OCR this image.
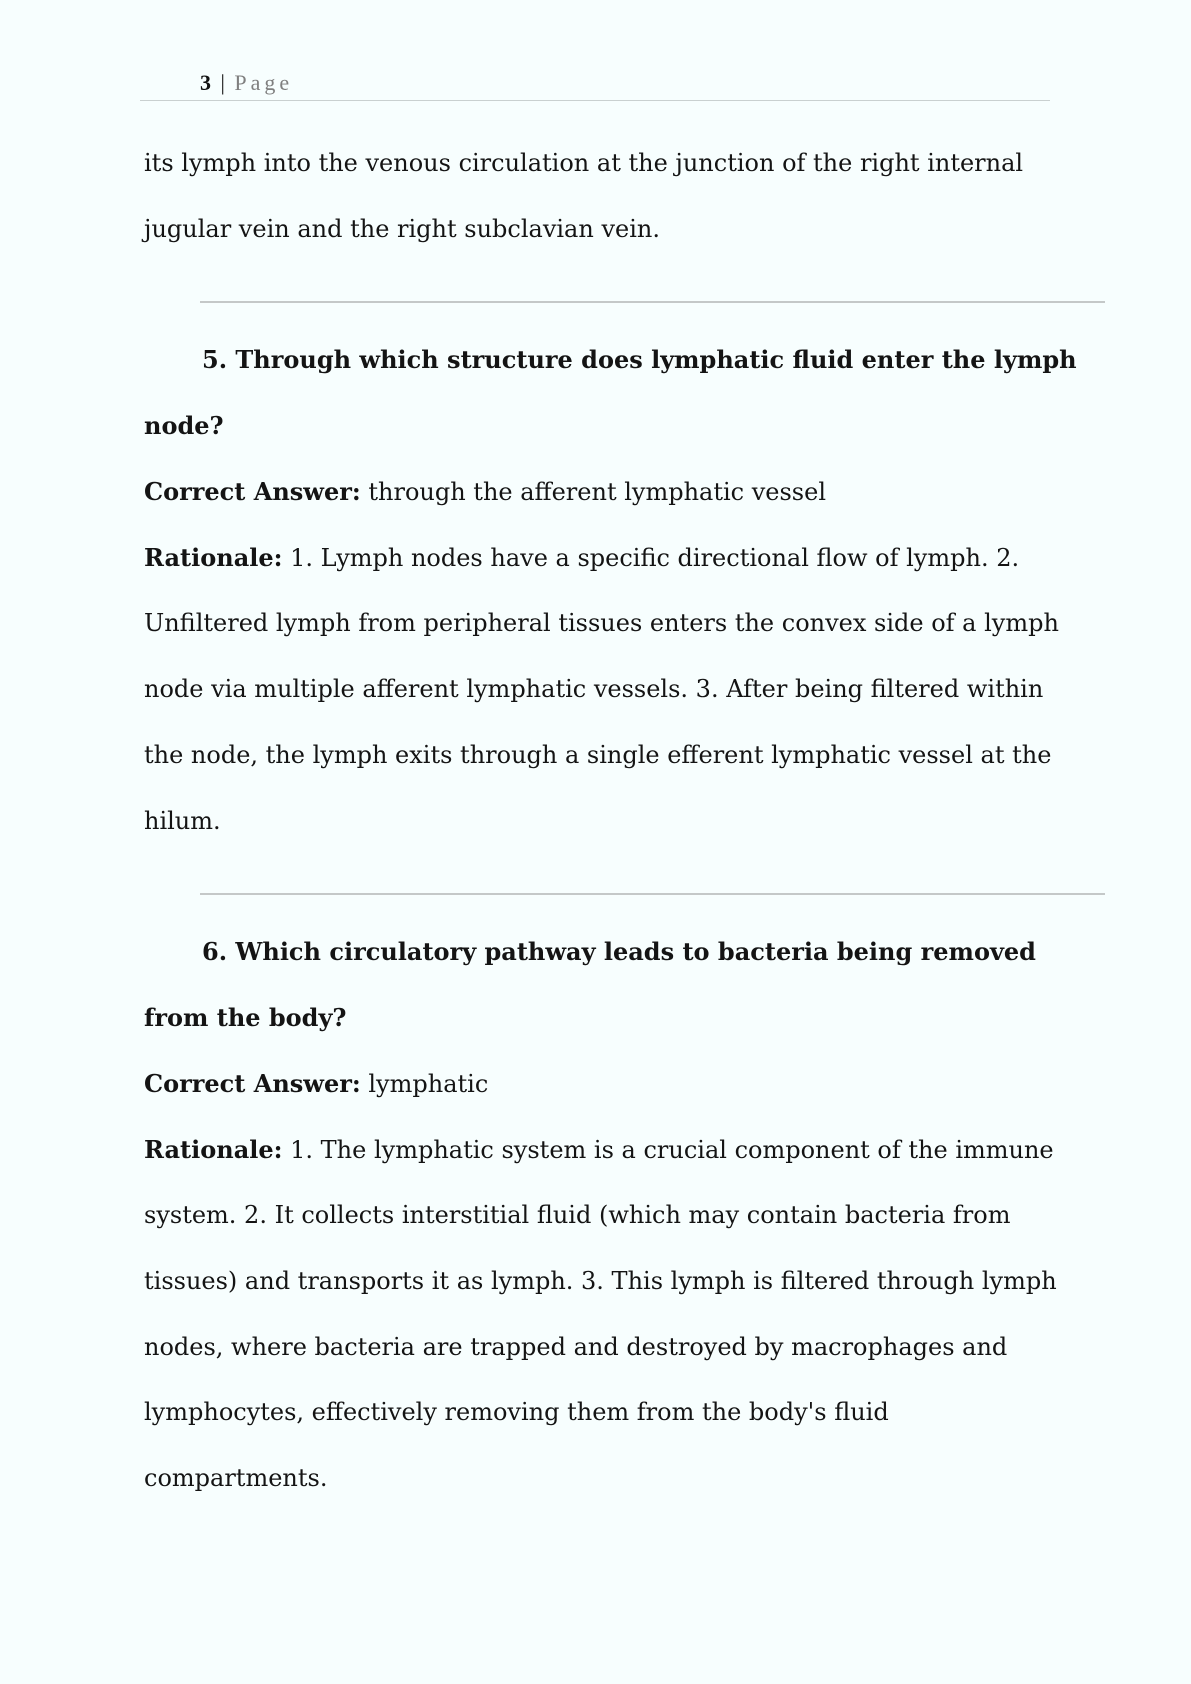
3 | Page
its lymph into the venous circulation at the junction of the right internal
jugular vein and the right subclavian vein.
5. Through which structure does lymphatic fluid enter the lymph
node?
Correct Answer: through the afferent lymphatic vessel
Rationale: 1. Lymph nodes have a specific directional flow of lymph. 2.
Unfiltered lymph from peripheral tissues enters the convex side of a lymph
node via multiple afferent lymphatic vessels. 3. After being filtered within
the node, the lymph exits through a single efferent lymphatic vessel at the
hilum.
6. Which circulatory pathway leads to bacteria being removed
from the body?
Correct Answer: lymphatic
Rationale: 1. The lymphatic system is a crucial component of the immune
system. 2. It collects interstitial fluid (which may contain bacteria from
tissues) and transports it as lymph. 3. This lymph is filtered through lymph
nodes, where bacteria are trapped and destroyed by macrophages and
lymphocytes, effectively removing them from the body's fluid
compartments.
